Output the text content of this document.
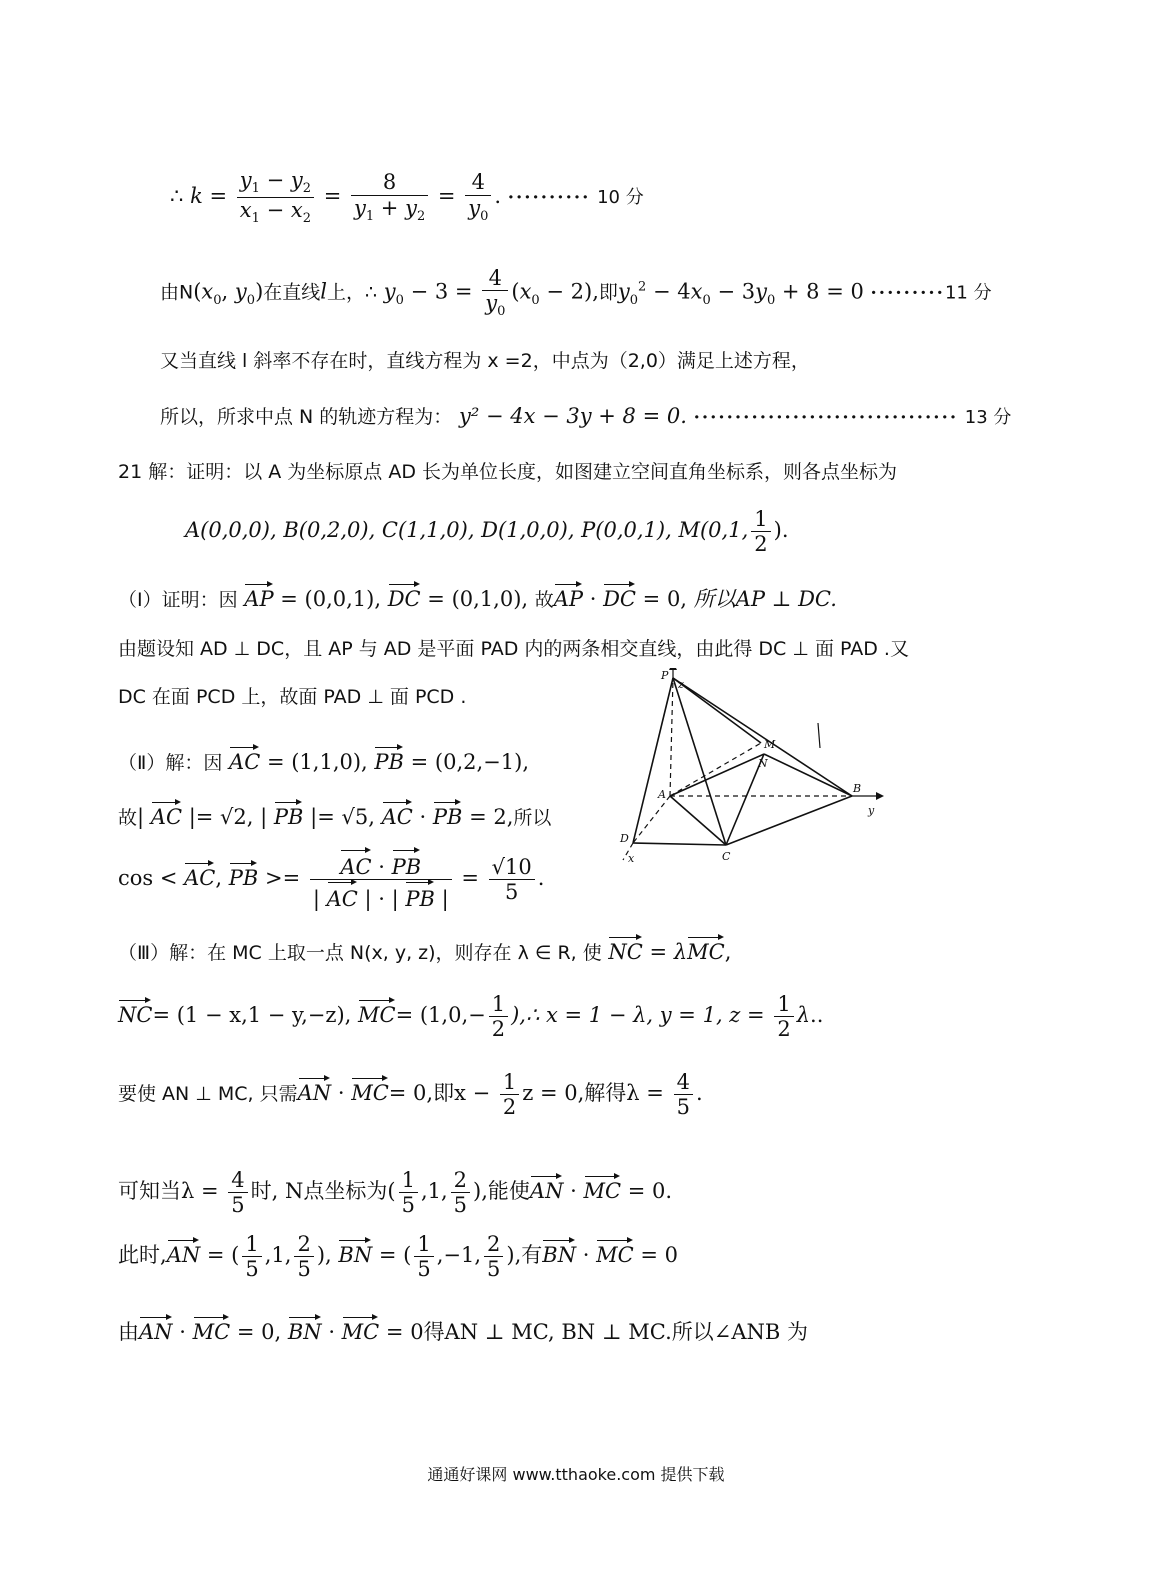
∴ $k = \frac{y_1 - y_2}{x_1 - x_2} = \frac{8}{y_1 + y_2} = \frac{4}{y_0}$ . ·········· 10 分
由$N(x_0$, $y_0$)在直线l上，∴ $y_0 - 3 = \frac{4}{y_0} (x_0 - 2)$,即$y_0^2 - 4x_0 - 3y_0 + 8 = 0 \cdot\cdot\cdot\cdot\cdot\cdot\cdot\cdot\cdot 11$ 分
又当直线 l 斜率不存在时，直线方程为 x =2，中点为（2,0）满足上述方程，
所以，所求中点 N 的轨迹方程为： y² − 4x − 3y + 8 = 0. ································ 13 分
21 解：证明：以 A 为坐标原点 AD 长为单位长度，如图建立空间直角坐标系，则各点坐标为
A(0,0,0), B(0,2,0), C(1,1,0), D(1,0,0), P(0,0,1), M(0,1, $\frac{1}{2}$ ).
（Ⅰ）证明：因 AP = (0,0,1), DC = (0,1,0), 故AP · DC = 0, 所以AP ⊥ DC.
由题设知 AD ⊥ DC，且 AP 与 AD 是平面 PAD 内的两条相交直线，由此得 DC ⊥ 面 PAD .又
DC 在面 PCD 上，故面 PAD ⊥ 面 PCD .
（Ⅱ）解：因 AC = (1,1,0), PB = (0,2,−1),
故| AC |= √2, | PB |= √5, AC · PB = 2,所以
cos < AC, PB >= $\frac{AC \cdot PB}{| AC | \cdot | PB |} = \frac{√10}{5}$ .
P
z
M
N
A	B
y
D
C
x
（Ⅲ）解：在 MC 上取一点 N(x, y, z)，则存在 λ ∈ R, 使 NC = λMC,
NC= (1 − x,1 − y,−z), $MC= (1,0,- \frac{1}{2}$ ),∴ x = 1 − λ, y = 1, $z = \frac{1}{2} \lambda$..
要使 AN ⊥ MC, 只需AN · MC= 0,即$x - \frac{1}{2}$ z = 0,解得$\lambda = \frac{4}{5}$ .
可知当$\lambda = \frac{4}{5}$ 时, N点坐标为( $\frac{1}{5} ,1$, $\frac{2}{5}$ ),能使AN · MC = 0.
此时,AN = ( $\frac{1}{5} ,1$, $\frac{2}{5}$ ), BN = ( $\frac{1}{5} ,-1$, $\frac{2}{5}$ ),有BN · MC = 0
由AN · MC = 0, BN · MC = 0得AN ⊥ MC, BN ⊥ MC.所以∠ANB 为
通通好课网 www.tthaoke.com 提供下载
